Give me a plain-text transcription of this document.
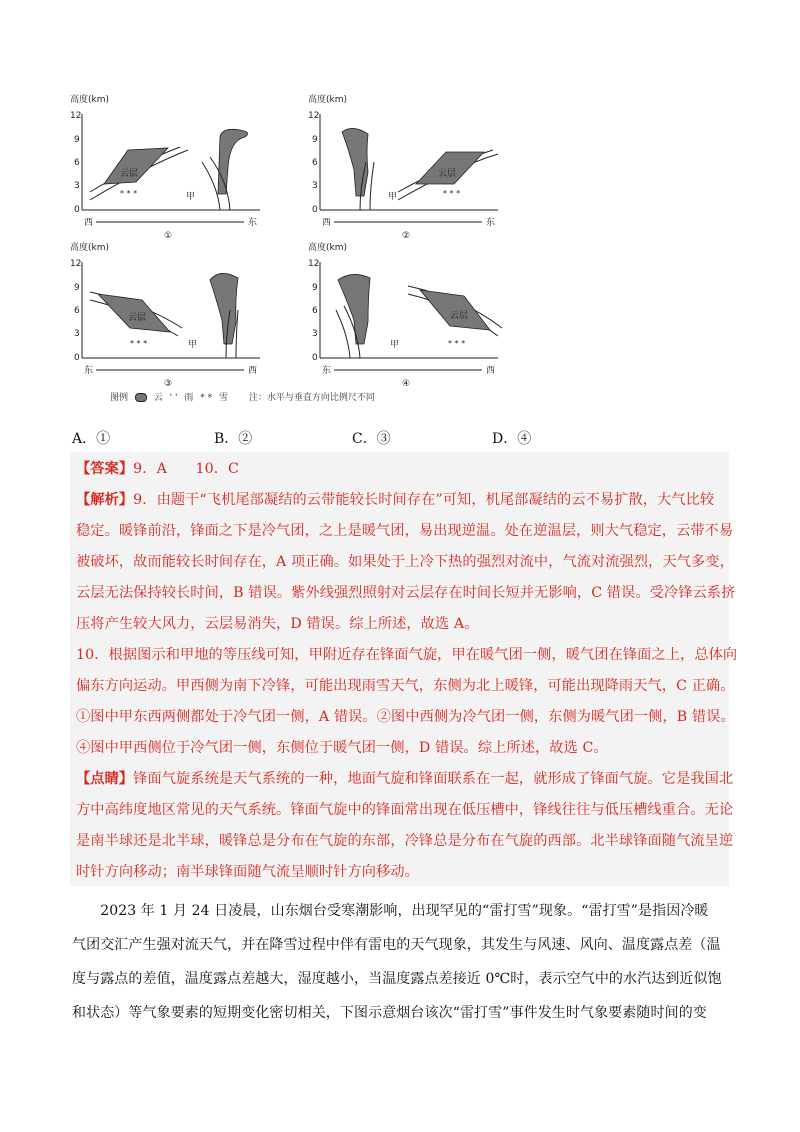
高度(km)
12
9
6
3
0
云层
* * *	甲
西	东
①
高度(km)
12
9
6
3
0
甲
云层
* * *
西	东
②
高度(km)
12
9
6
3
0
云层
* * *	甲
东	西
③
高度(km)
12
9
6
3
0
甲
云层
* * *
东	西
④
图例	云 ' ' 雨 * * 雪 注：水平与垂直方向比例尺不同
A．①	B．②	C．③	D．④
【答案】9．A　　10．C
【解析】9．由题干“飞机尾部凝结的云带能较长时间存在”可知，机尾部凝结的云不易扩散，大气比较
稳定。暖锋前沿，锋面之下是冷气团，之上是暖气团，易出现逆温。处在逆温层，则大气稳定，云带不易
被破坏，故而能较长时间存在，A 项正确。如果处于上冷下热的强烈对流中，气流对流强烈，天气多变，
云层无法保持较长时间，B 错误。紫外线强烈照射对云层存在时间长短并无影响，C 错误。受冷锋云系挤
压将产生较大风力，云层易消失，D 错误。综上所述，故选 A。
10．根据图示和甲地的等压线可知，甲附近存在锋面气旋，甲在暖气团一侧，暖气团在锋面之上，总体向
偏东方向运动。甲西侧为南下冷锋，可能出现雨雪天气，东侧为北上暖锋，可能出现降雨天气，C 正确。
①图中甲东西两侧都处于冷气团一侧，A 错误。②图中西侧为冷气团一侧，东侧为暖气团一侧，B 错误。
④图中甲西侧位于冷气团一侧，东侧位于暖气团一侧，D 错误。综上所述，故选 C。
【点睛】锋面气旋系统是天气系统的一种，地面气旋和锋面联系在一起，就形成了锋面气旋。它是我国北
方中高纬度地区常见的天气系统。锋面气旋中的锋面常出现在低压槽中，锋线往往与低压槽线重合。无论
是南半球还是北半球，暖锋总是分布在气旋的东部，冷锋总是分布在气旋的西部。北半球锋面随气流呈逆
时针方向移动；南半球锋面随气流呈顺时针方向移动。
　　2023 年 1 月 24 日凌晨，山东烟台受寒潮影响，出现罕见的“雷打雪”现象。“雷打雪”是指因冷暖
气团交汇产生强对流天气，并在降雪过程中伴有雷电的天气现象，其发生与风速、风向、温度露点差（温
度与露点的差值，温度露点差越大，湿度越小，当温度露点差接近 0℃时，表示空气中的水汽达到近似饱
和状态）等气象要素的短期变化密切相关，下图示意烟台该次“雷打雪”事件发生时气象要素随时间的变
